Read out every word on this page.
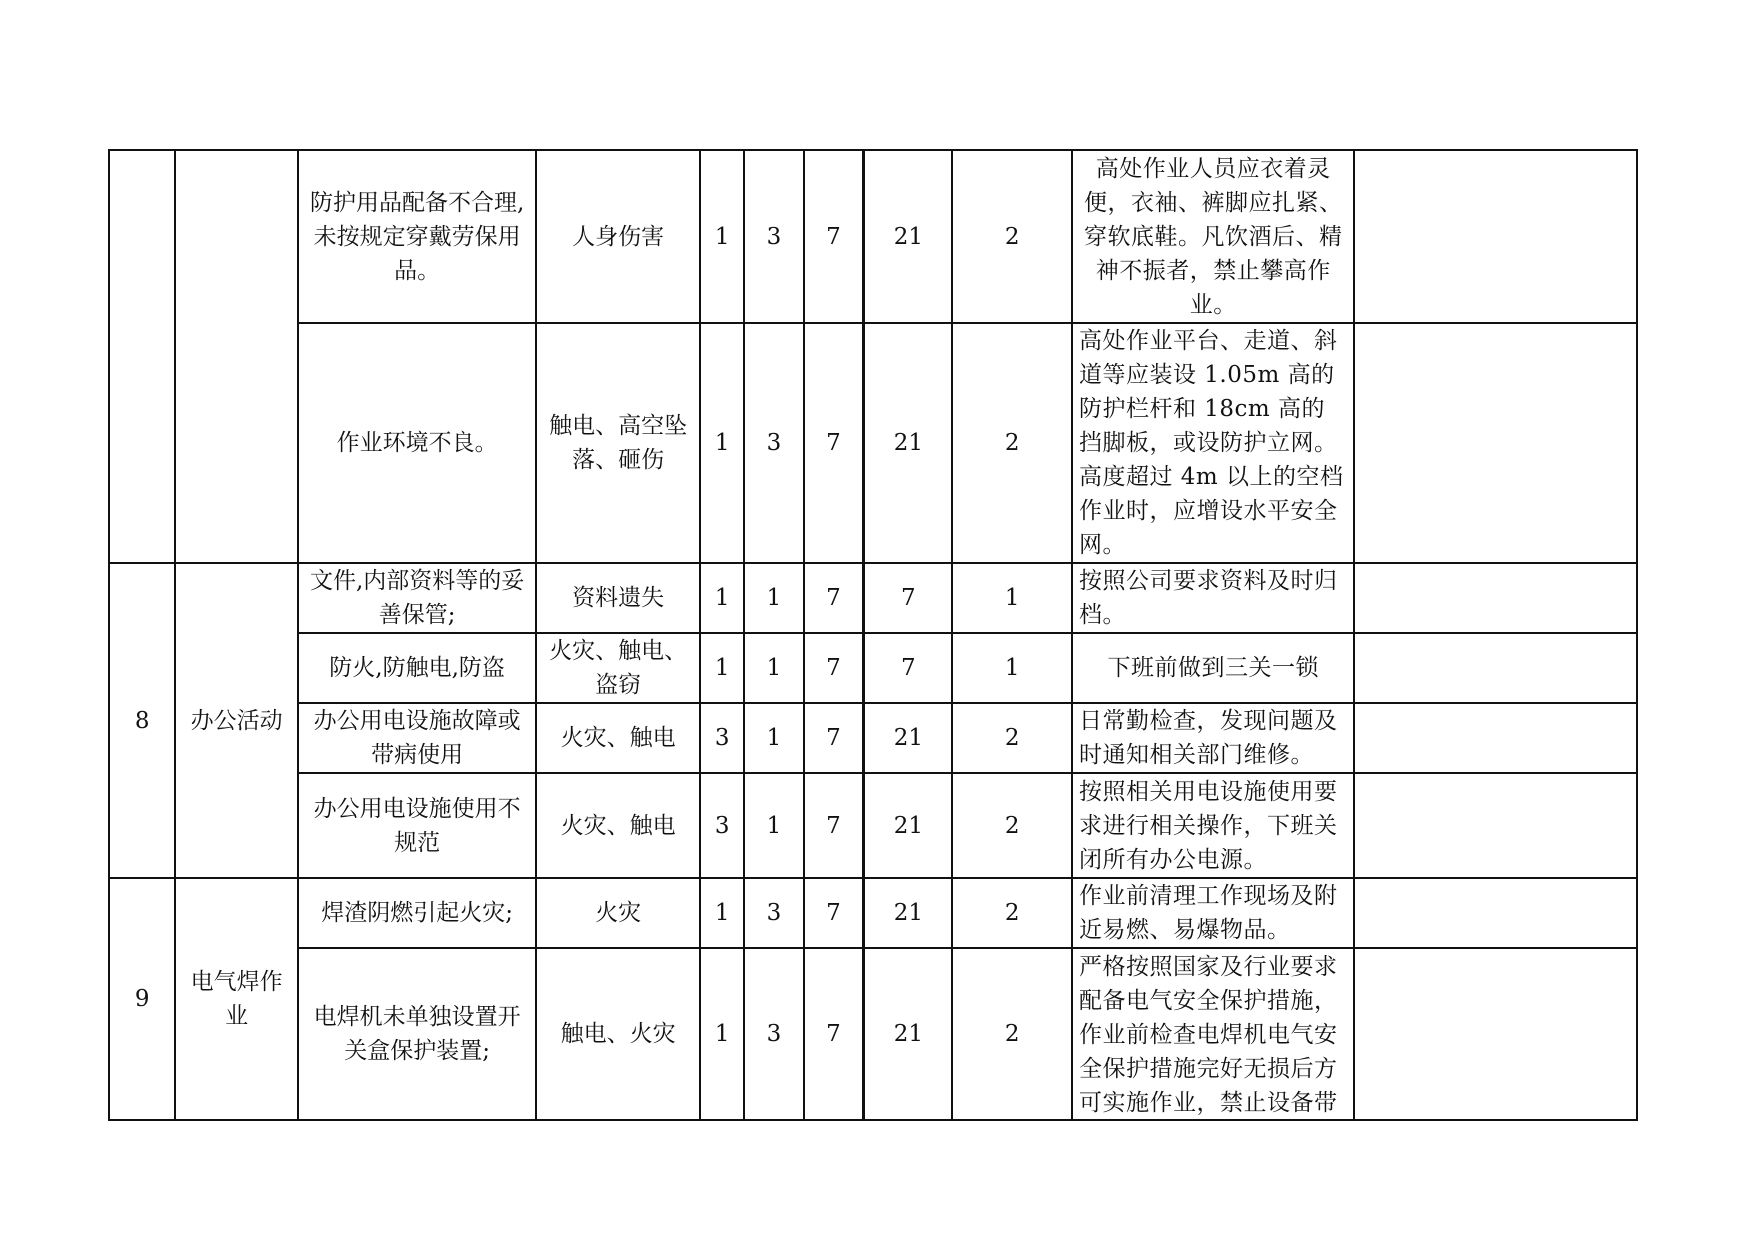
		防护用品配备不合理,未按规定穿戴劳保用品。	人身伤害	1	3	7	21	2	高处作业人员应衣着灵便，衣袖、裤脚应扎紧、穿软底鞋。凡饮酒后、精神不振者，禁止攀高作业。	
		作业环境不良。	触电、高空坠落、砸伤	1	3	7	21	2	高处作业平台、走道、斜道等应装设 1.05m 高的防护栏杆和 18cm 高的挡脚板，或设防护立网。高度超过 4m 以上的空档作业时，应增设水平安全网。	
8	办公活动	文件,内部资料等的妥善保管;	资料遗失	1	1	7	7	1	按照公司要求资料及时归档。	
		防火,防触电,防盗	火灾、触电、盗窃	1	1	7	7	1	下班前做到三关一锁	
		办公用电设施故障或带病使用	火灾、触电	3	1	7	21	2	日常勤检查，发现问题及时通知相关部门维修。	
		办公用电设施使用不规范	火灾、触电	3	1	7	21	2	按照相关用电设施使用要求进行相关操作，下班关闭所有办公电源。	
9	电气焊作业	焊渣阴燃引起火灾;	火灾	1	3	7	21	2	作业前清理工作现场及附近易燃、易爆物品。	
		电焊机未单独设置开关盒保护装置;	触电、火灾	1	3	7	21	2	严格按照国家及行业要求配备电气安全保护措施，作业前检查电焊机电气安全保护措施完好无损后方可实施作业，禁止设备带	
